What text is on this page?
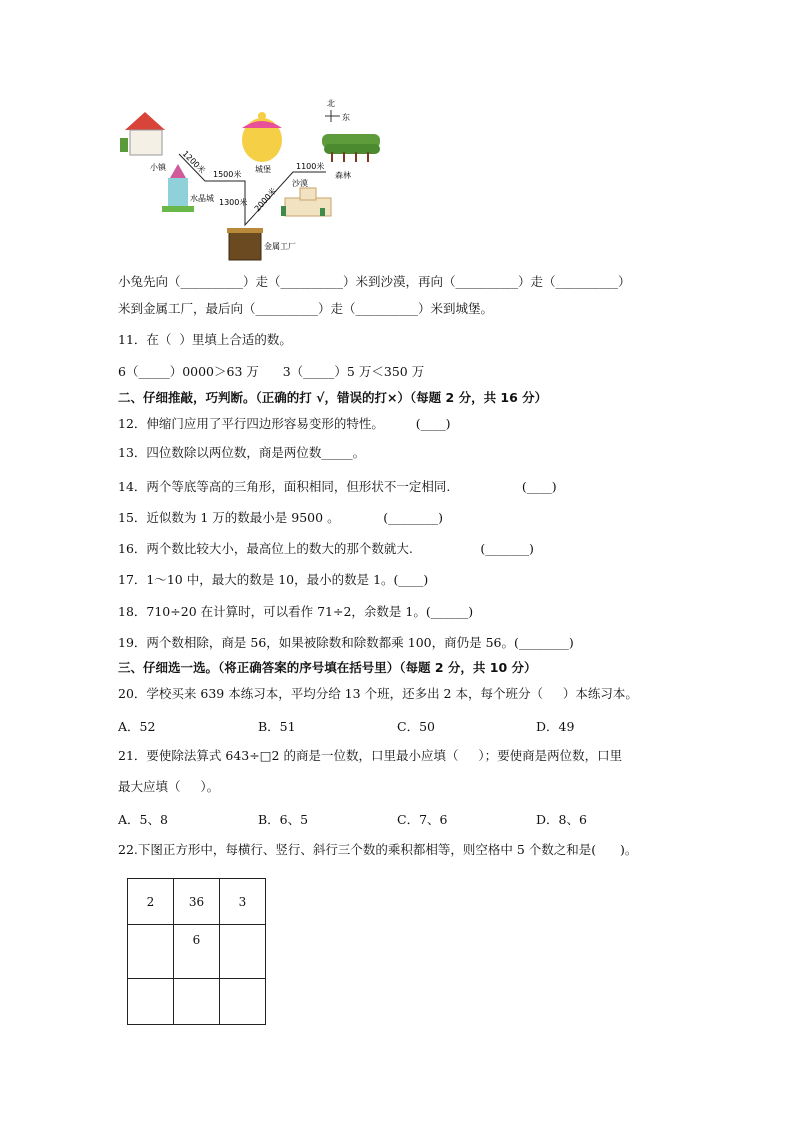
小镇
水晶城
城堡
森林
北
东
沙漠
金属工厂
1200米 1500米
1300米 2000米
1100米
小兔先向（__________）走（__________）米到沙漠，再向（__________）走（__________）
米到金属工厂，最后向（__________）走（__________）米到城堡。
11．在（  ）里填上合适的数。
6（_____）0000＞63 万      3（_____）5 万＜350 万
二、仔细推敲，巧判断。（正确的打 √，错误的打×）（每题 2 分，共 16 分）
12．伸缩门应用了平行四边形容易变形的特性。        (____)
13．四位数除以两位数，商是两位数_____。
14．两个等底等高的三角形，面积相同，但形状不一定相同.                  (____)
15．近似数为 1 万的数最小是 9500 。           (________)
16．两个数比较大小，最高位上的数大的那个数就大.                 (_______)
17．1～10 中，最大的数是 10，最小的数是 1。(____)
18．710÷20 在计算时，可以看作 71÷2，余数是 1。(______)
19．两个数相除，商是 56，如果被除数和除数都乘 100，商仍是 56。(________)
三、仔细选一选。（将正确答案的序号填在括号里）（每题 2 分，共 10 分）
20．学校买来 639 本练习本，平均分给 13 个班，还多出 2 本，每个班分（     ）本练习本。
A．52	B．51	C．50	D．49
21．要使除法算式 643÷□2 的商是一位数，口里最小应填（     ）；要使商是两位数，口里
最大应填（     ）。
A．5、8	B．6、5	C．7、6	D．8、6
22.下图正方形中，每横行、竖行、斜行三个数的乘积都相等，则空格中 5 个数之和是(      )。
2	36	3
	6	
